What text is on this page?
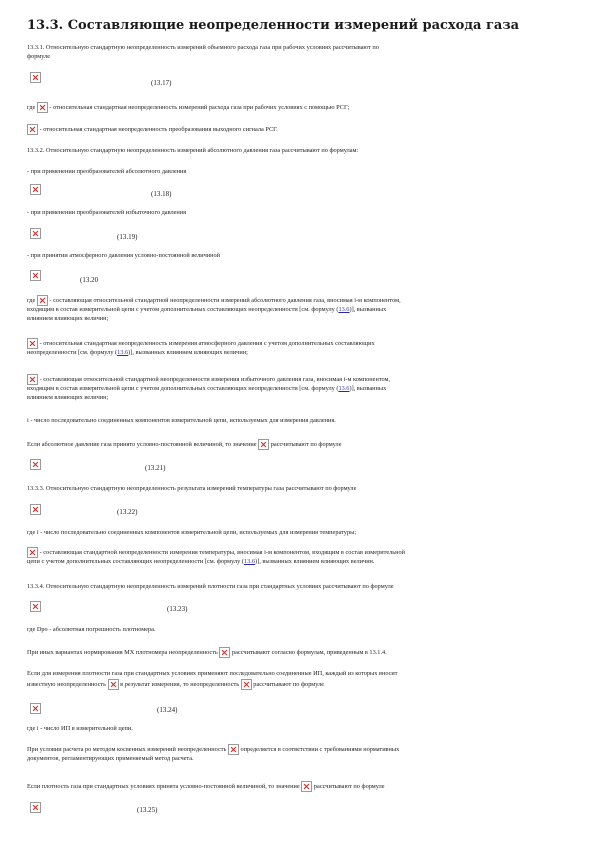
13.3. Составляющие неопределенности измерений расхода газа

13.3.1. Относительную стандартную неопределенность измерений объемного расхода газа при рабочих условиях рассчитывают по
формуле

(13.17)

где  - относительная стандартная неопределенность измерений расхода газа при рабочих условиях с помощью РСГ;

- относительная стандартная неопределенность преобразования выходного сигнала РСГ.

13.3.2. Относительную стандартную неопределенность измерений абсолютного давления газа рассчитывают по формулам:

- при применении преобразователей абсолютного давления

(13.18)

- при применении преобразователей избыточного давления

(13.19)

- при принятии атмосферного давления условно-постоянной величиной

(13.20

где  - составляющая относительной стандартной неопределенности измерений абсолютного давления газа, вносимая i-м компонентом,
входящим в состав измерительной цепи с учетом дополнительных составляющих неопределенности [см. формулу (13.6)], вызванных
влиянием влияющих величин;

- относительная стандартная неопределенность измерения атмосферного давления с учетом дополнительных составляющих
неопределенности [см. формулу (13.6)], вызванных влиянием влияющих величин;

- составляющая относительной стандартной неопределенности измерения избыточного давления газа, вносимая i-м компонентом,
входящим в состав измерительной цепи с учетом дополнительных составляющих неопределенности [см. формулу (13.6)], вызванных
влиянием влияющих величин;

i - число последовательно соединенных компонентов измерительной цепи, используемых для измерения давления.

Если абсолютное давление газа принято условно-постоянной величиной, то значение  рассчитывают по формуле

(13.21)

13.3.3. Относительную стандартную неопределенность результата измерений температуры газа рассчитывают по формуле

(13.22)

где i - число последовательно соединенных компонентов измерительной цепи, используемых для измерения температуры;

- составляющая стандартной неопределенности измерения температуры, вносимая i-м компонентом, входящим в состав измерительной
цепи с учетом дополнительных составляющих неопределенности [см. формулу (13.6)], вызванных влиянием влияющих величин.

13.3.4. Относительную стандартную неопределенность измерений плотности газа при стандартных условиях рассчитывают по формуле

(13.23)

где Dро - абсолютная погрешность плотномера.

При иных вариантах нормирования МХ плотномера неопределенность  рассчитывают согласно формулам, приведенным в 13.1.4.

Если для измерения плотности газа при стандартных условиях применяют последовательно соединенные ИП, каждый из которых вносит
известную неопределенность  в результат измерения, то неопределенность  рассчитывают по формуле

(13.24)

где i - число ИП в измерительной цепи.

При условии расчета ро методом косвенных измерений неопределенность  определяется в соответствии с требованиями нормативных
документов, регламентирующих применяемый метод расчета.

Если плотность газа при стандартных условиях принята условно-постоянной величиной, то значение  рассчитывают по формуле

(13.25)
